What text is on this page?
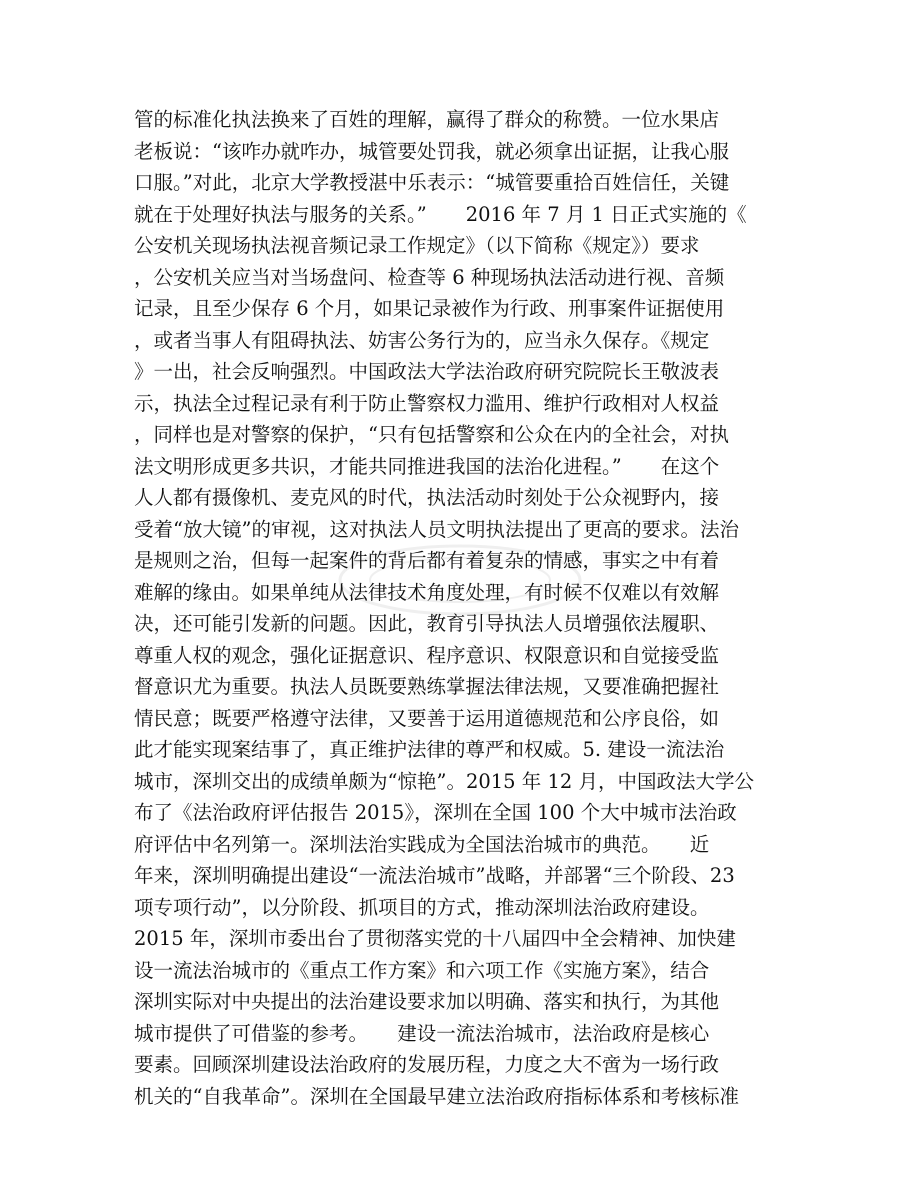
管的标准化执法换来了百姓的理解，赢得了群众的称赞。一位水果店
老板说：“该咋办就咋办，城管要处罚我，就必须拿出证据，让我心服
口服。”对此，北京大学教授湛中乐表示：“城管要重拾百姓信任，关键
就在于处理好执法与服务的关系。”　　2016 年 7 月 1 日正式实施的《
公安机关现场执法视音频记录工作规定》（以下简称《规定》）要求
，公安机关应当对当场盘问、检查等 6 种现场执法活动进行视、音频
记录，且至少保存 6 个月，如果记录被作为行政、刑事案件证据使用
，或者当事人有阻碍执法、妨害公务行为的，应当永久保存。《规定
》一出，社会反响强烈。中国政法大学法治政府研究院院长王敬波表
示，执法全过程记录有利于防止警察权力滥用、维护行政相对人权益
，同样也是对警察的保护，“只有包括警察和公众在内的全社会，对执
法文明形成更多共识，才能共同推进我国的法治化进程。”　　在这个
人人都有摄像机、麦克风的时代，执法活动时刻处于公众视野内，接
受着“放大镜”的审视，这对执法人员文明执法提出了更高的要求。法治
是规则之治，但每一起案件的背后都有着复杂的情感，事实之中有着
难解的缘由。如果单纯从法律技术角度处理，有时候不仅难以有效解
决，还可能引发新的问题。因此，教育引导执法人员增强依法履职、
尊重人权的观念，强化证据意识、程序意识、权限意识和自觉接受监
督意识尤为重要。执法人员既要熟练掌握法律法规，又要准确把握社
情民意；既要严格遵守法律，又要善于运用道德规范和公序良俗，如
此才能实现案结事了，真正维护法律的尊严和权威。5. 建设一流法治
城市，深圳交出的成绩单颇为“惊艳”。2015 年 12 月，中国政法大学公
布了《法治政府评估报告 2015》，深圳在全国 100 个大中城市法治政
府评估中名列第一。深圳法治实践成为全国法治城市的典范。　　近
年来，深圳明确提出建设“一流法治城市”战略，并部署“三个阶段、23
项专项行动”，以分阶段、抓项目的方式，推动深圳法治政府建设。
2015 年，深圳市委出台了贯彻落实党的十八届四中全会精神、加快建
设一流法治城市的《重点工作方案》和六项工作《实施方案》，结合
深圳实际对中央提出的法治建设要求加以明确、落实和执行，为其他
城市提供了可借鉴的参考。　　建设一流法治城市，法治政府是核心
要素。回顾深圳建设法治政府的发展历程，力度之大不啻为一场行政
机关的“自我革命”。深圳在全国最早建立法治政府指标体系和考核标准
